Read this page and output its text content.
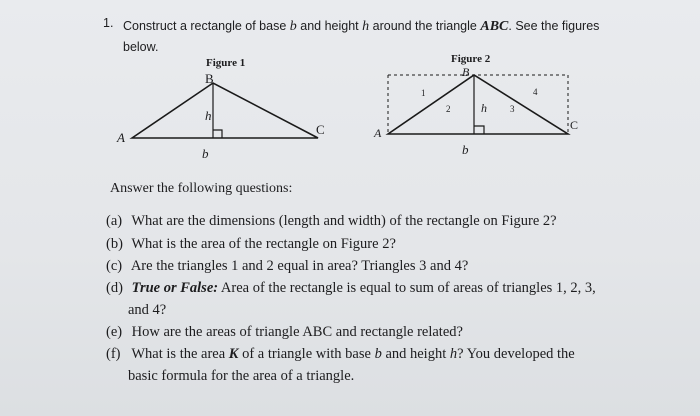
1. Construct a rectangle of base b and height h around the triangle ABC. See the figures
below.
Figure 1
B
A
C
h
b
Figure 2
B
A
C
h
b
1
2	3
4
Answer the following questions:
(a) What are the dimensions (length and width) of the rectangle on Figure 2?
(b) What is the area of the rectangle on Figure 2?
(c) Are the triangles 1 and 2 equal in area? Triangles 3 and 4?
(d) True or False: Area of the rectangle is equal to sum of areas of triangles 1, 2, 3,
and 4?
(e) How are the areas of triangle ABC and rectangle related?
(f) What is the area K of a triangle with base b and height h? You developed the
basic formula for the area of a triangle.
